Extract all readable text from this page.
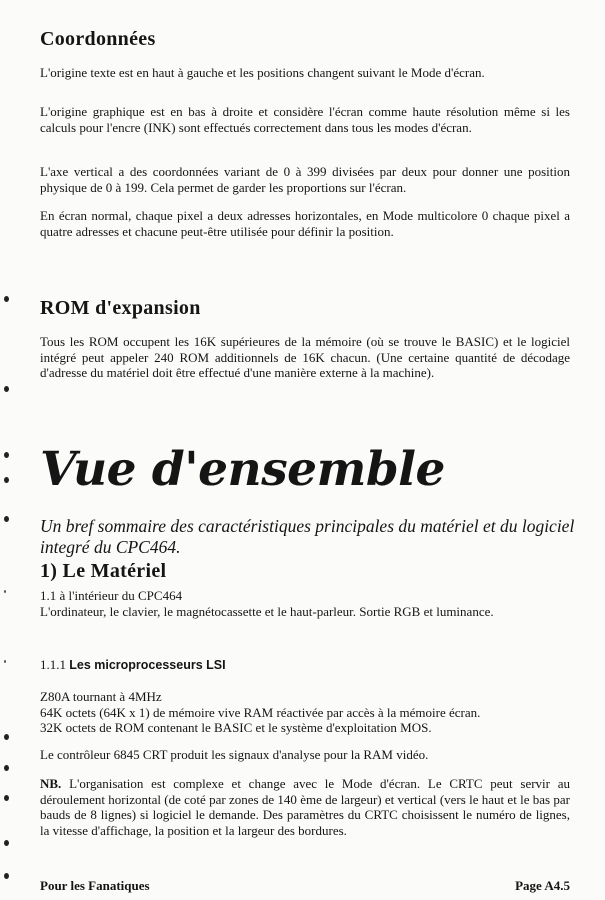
Coordonnées

L'origine texte est en haut à gauche et les positions changent suivant le Mode d'écran.

L'origine graphique est en bas à droite et considère l'écran comme haute résolution même si les calculs pour l'encre (INK) sont effectués correctement dans tous les modes d'écran.

L'axe vertical a des coordonnées variant de 0 à 399 divisées par deux pour donner une position physique de 0 à 199. Cela permet de garder les proportions sur l'écran.

En écran normal, chaque pixel a deux adresses horizontales, en Mode multicolore 0 chaque pixel a quatre adresses et chacune peut-être utilisée pour définir la position.

ROM d'expansion

Tous les ROM occupent les 16K supérieures de la mémoire (où se trouve le BASIC) et le logiciel intégré peut appeler 240 ROM additionnels de 16K chacun. (Une certaine quantité de décodage d'adresse du matériel doit être effectué d'une manière externe à la machine).

Vue d'ensemble

Un bref sommaire des caractéristiques principales du matériel et du logiciel integré du CPC464.

1) Le Matériel

1.1 à l'intérieur du CPC464

L'ordinateur, le clavier, le magnétocassette et le haut-parleur. Sortie RGB et luminance.

1.1.1 Les microprocesseurs LSI

Z80A tournant à 4MHz

64K octets (64K x 1) de mémoire vive RAM réactivée par accès à la mémoire écran.

32K octets de ROM contenant le BASIC et le système d'exploitation MOS.

Le contrôleur 6845 CRT produit les signaux d'analyse pour la RAM vidéo.

NB. L'organisation est complexe et change avec le Mode d'écran. Le CRTC peut servir au déroulement horizontal (de coté par zones de 140 ème de largeur) et vertical (vers le haut et le bas par bauds de 8 lignes) si logiciel le demande. Des paramètres du CRTC choisissent le numéro de lignes, la vitesse d'affichage, la position et la largeur des bordures.

Pour les Fanatiques	Page A4.5
